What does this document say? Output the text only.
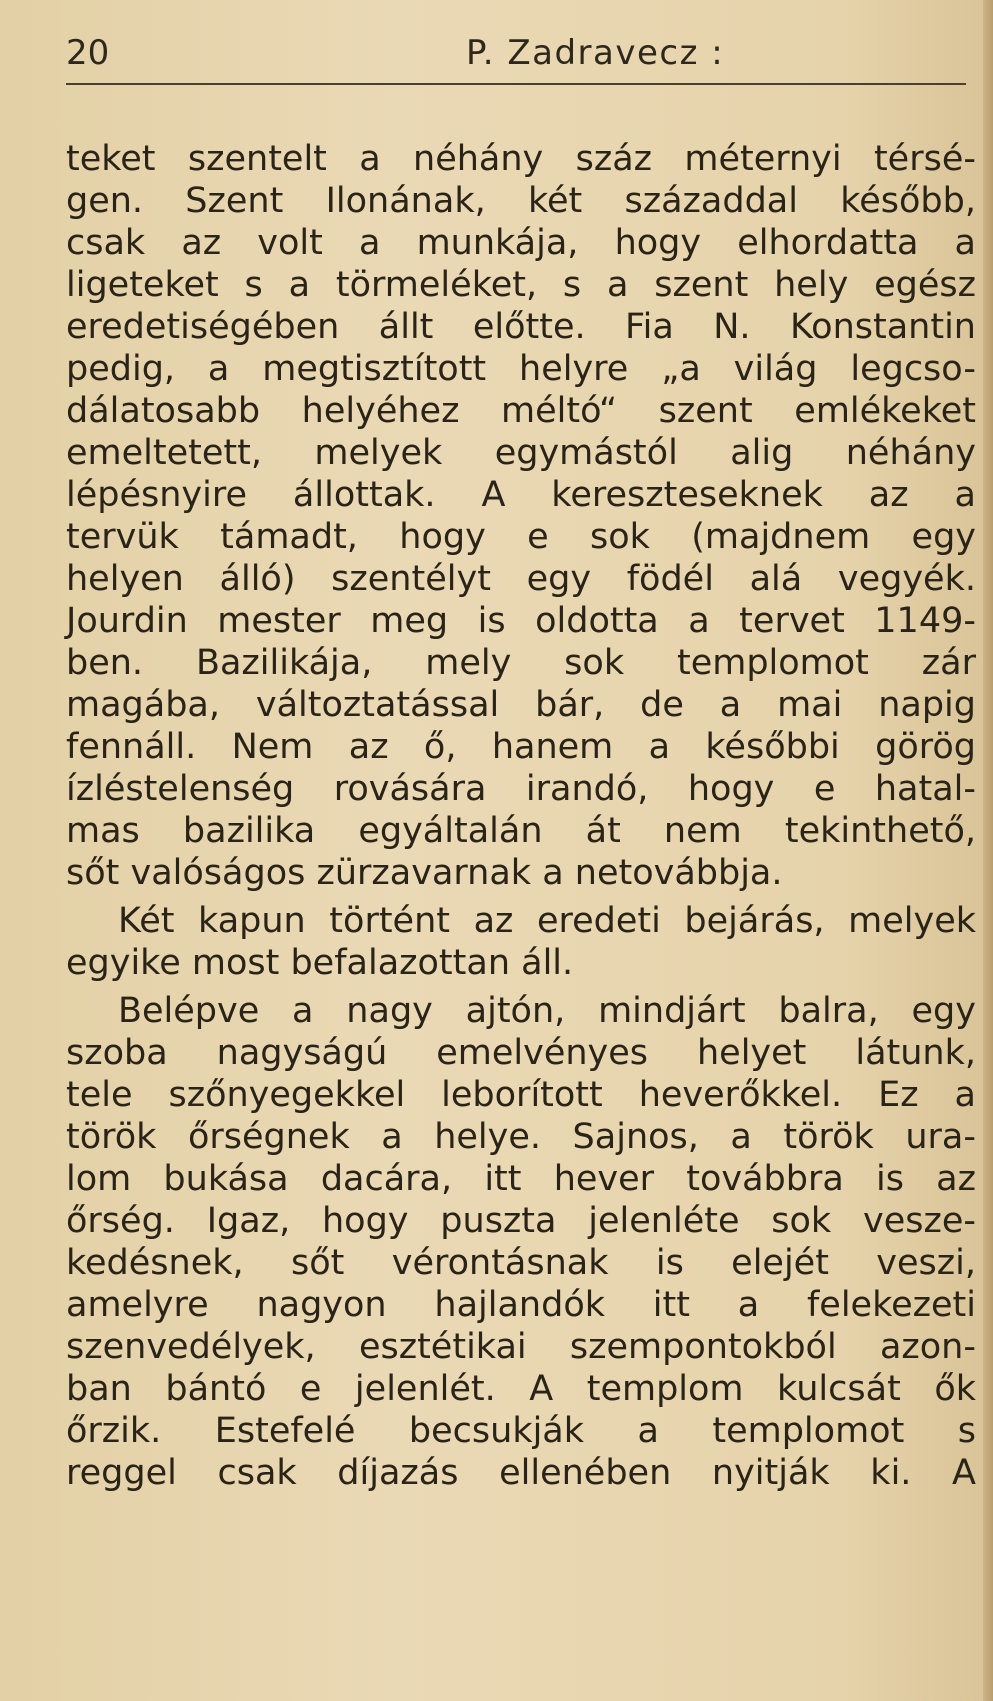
20	P. Zadravecz :
teket szentelt a néhány száz méternyi térsé-
gen. Szent Ilonának, két századdal később,
csak az volt a munkája, hogy elhordatta a
ligeteket s a törmeléket, s a szent hely egész
eredetiségében állt előtte. Fia N. Konstantin
pedig, a megtisztított helyre „a világ legcso-
dálatosabb helyéhez méltó“ szent emlékeket
emeltetett, melyek egymástól alig néhány
lépésnyire állottak. A kereszteseknek az a
tervük támadt, hogy e sok (majdnem egy
helyen álló) szentélyt egy födél alá vegyék.
Jourdin mester meg is oldotta a tervet 1149-
ben. Bazilikája, mely sok templomot zár
magába, változtatással bár, de a mai napig
fennáll. Nem az ő, hanem a későbbi görög
ízléstelenség rovására irandó, hogy e hatal-
mas bazilika egyáltalán át nem tekinthető,
sőt valóságos zürzavarnak a netovábbja.
Két kapun történt az eredeti bejárás, melyek
egyike most befalazottan áll.
Belépve a nagy ajtón, mindjárt balra, egy
szoba nagyságú emelvényes helyet látunk,
tele szőnyegekkel leborított heverőkkel. Ez a
török őrségnek a helye. Sajnos, a török ura-
lom bukása dacára, itt hever továbbra is az
őrség. Igaz, hogy puszta jelenléte sok vesze-
kedésnek, sőt vérontásnak is elejét veszi,
amelyre nagyon hajlandók itt a felekezeti
szenvedélyek, esztétikai szempontokból azon-
ban bántó e jelenlét. A templom kulcsát ők
őrzik. Estefelé becsukják a templomot s
reggel csak díjazás ellenében nyitják ki. A
